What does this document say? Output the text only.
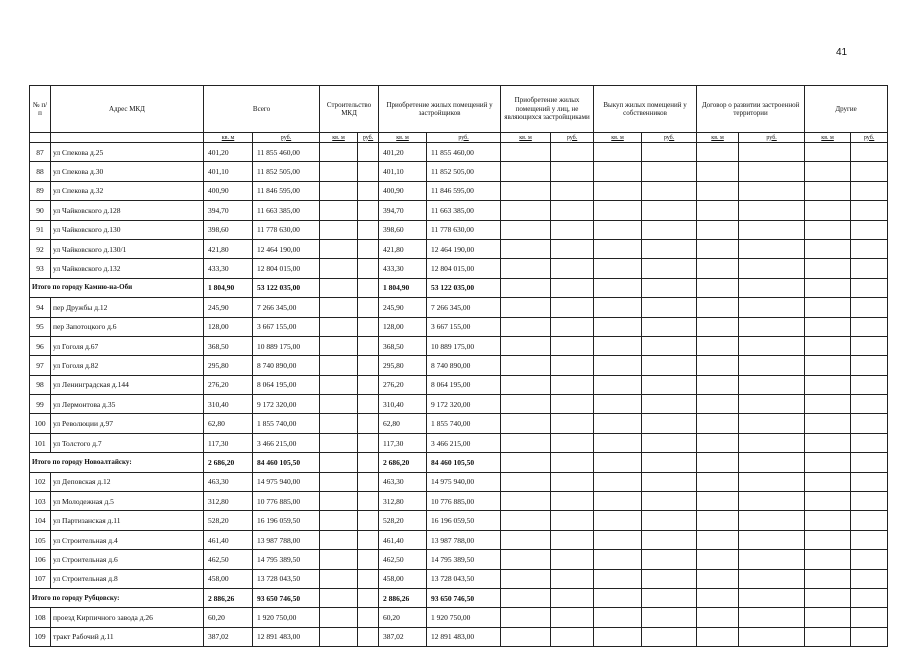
41
№ п/п	Адрес МКД	Всего		Строительство МКД		Приобретение жилых помещений у застройщиков		Приобретение жилых помещений у лиц, не являющихся застройщиками		Выкуп жилых помещений у собственников		Договор о развитии застроенной территории		Другие	
		кв. м	руб.	кв. м	руб.	кв. м	руб.	кв. м	руб.	кв. м	руб.	кв. м	руб.	кв. м	руб.
87	ул Спекова д.25	401,20	11 855 460,00			401,20	11 855 460,00								
88	ул Спекова д.30	401,10	11 852 505,00			401,10	11 852 505,00								
89	ул Спекова д.32	400,90	11 846 595,00			400,90	11 846 595,00								
90	ул Чайковского д.128	394,70	11 663 385,00			394,70	11 663 385,00								
91	ул Чайковского д.130	398,60	11 778 630,00			398,60	11 778 630,00								
92	ул Чайковского д.130/1	421,80	12 464 190,00			421,80	12 464 190,00								
93	ул Чайковского д.132	433,30	12 804 015,00			433,30	12 804 015,00								
Итого по городу Камню-на-Оби		1 804,90	53 122 035,00			1 804,90	53 122 035,00								
94	пер Дружбы д.12	245,90	7 266 345,00			245,90	7 266 345,00								
95	пер Запотоцкого д.6	128,00	3 667 155,00			128,00	3 667 155,00								
96	ул Гоголя д.67	368,50	10 889 175,00			368,50	10 889 175,00								
97	ул Гоголя д.82	295,80	8 740 890,00			295,80	8 740 890,00								
98	ул Ленинградская д.144	276,20	8 064 195,00			276,20	8 064 195,00								
99	ул Лермонтова д.35	310,40	9 172 320,00			310,40	9 172 320,00								
100	ул Революции д.97	62,80	1 855 740,00			62,80	1 855 740,00								
101	ул Толстого д.7	117,30	3 466 215,00			117,30	3 466 215,00								
Итого по городу Новоалтайску:		2 686,20	84 460 105,50			2 686,20	84 460 105,50								
102	ул Деповская д.12	463,30	14 975 940,00			463,30	14 975 940,00								
103	ул Молодежная д.5	312,80	10 776 885,00			312,80	10 776 885,00								
104	ул Партизанская д.11	528,20	16 196 059,50			528,20	16 196 059,50								
105	ул Строительная д.4	461,40	13 987 788,00			461,40	13 987 788,00								
106	ул Строительная д.6	462,50	14 795 389,50			462,50	14 795 389,50								
107	ул Строительная д.8	458,00	13 728 043,50			458,00	13 728 043,50								
Итого по городу Рубцовску:		2 886,26	93 650 746,50			2 886,26	93 650 746,50								
108	проезд Кирпичного завода д.26	60,20	1 920 750,00			60,20	1 920 750,00								
109	тракт Рабочий д.11	387,02	12 891 483,00			387,02	12 891 483,00								
